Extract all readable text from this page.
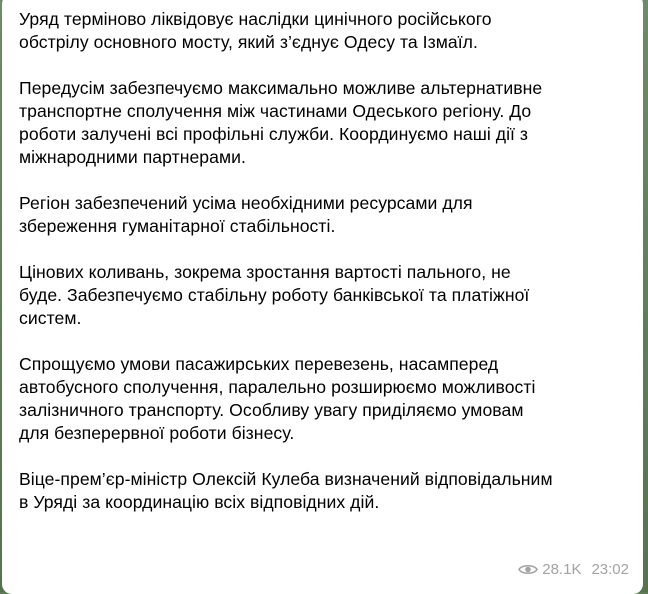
Уряд терміново ліквідовує наслідки цинічного російського
обстрілу основного мосту, який з’єднує Одесу та Ізмаїл.

Передусім забезпечуємо максимально можливе альтернативне
транспортне сполучення між частинами Одеського регіону. До
роботи залучені всі профільні служби. Координуємо наші дії з
міжнародними партнерами.

Регіон забезпечений усіма необхідними ресурсами для
збереження гуманітарної стабільності.

Цінових коливань, зокрема зростання вартості пального, не
буде. Забезпечуємо стабільну роботу банківської та платіжної
систем.

Спрощуємо умови пасажирських перевезень, насамперед
автобусного сполучення, паралельно розширюємо можливості
залізничного транспорту. Особливу увагу приділяємо умовам
для безперервної роботи бізнесу.

Віце-прем’єр-міністр Олексій Кулеба визначений відповідальним
в Уряді за координацію всіх відповідних дій.

28.1K 23:02
